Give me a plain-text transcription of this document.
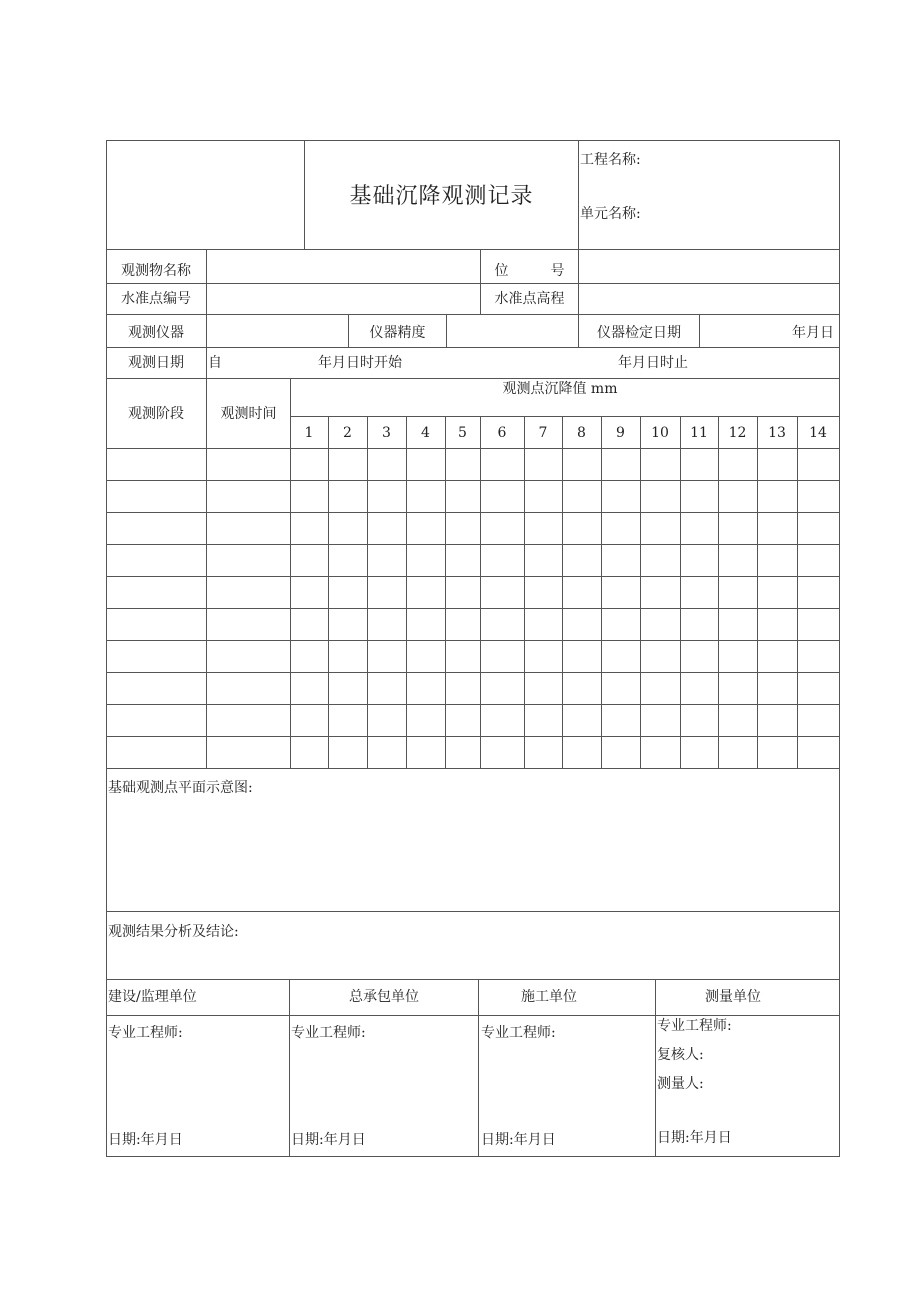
基础沉降观测记录
工程名称:
单元名称:
观测物名称	位　　　号
水准点编号	水准点高程
观测仪器	仪器精度	仪器检定日期	年月日
观测日期	自	年月日时开始	年月日时止
观测阶段	观测时间
观测点沉降值 mm
1	2	3	4	5	6	7	8	9	10	11	12	13	14
基础观测点平面示意图:
观测结果分析及结论:
建设/监理单位	总承包单位	施工单位	测量单位
专业工程师:	专业工程师:	专业工程师:	专业工程师:
复核人:
测量人:
日期:年月日	日期:年月日	日期:年月日	日期:年月日
